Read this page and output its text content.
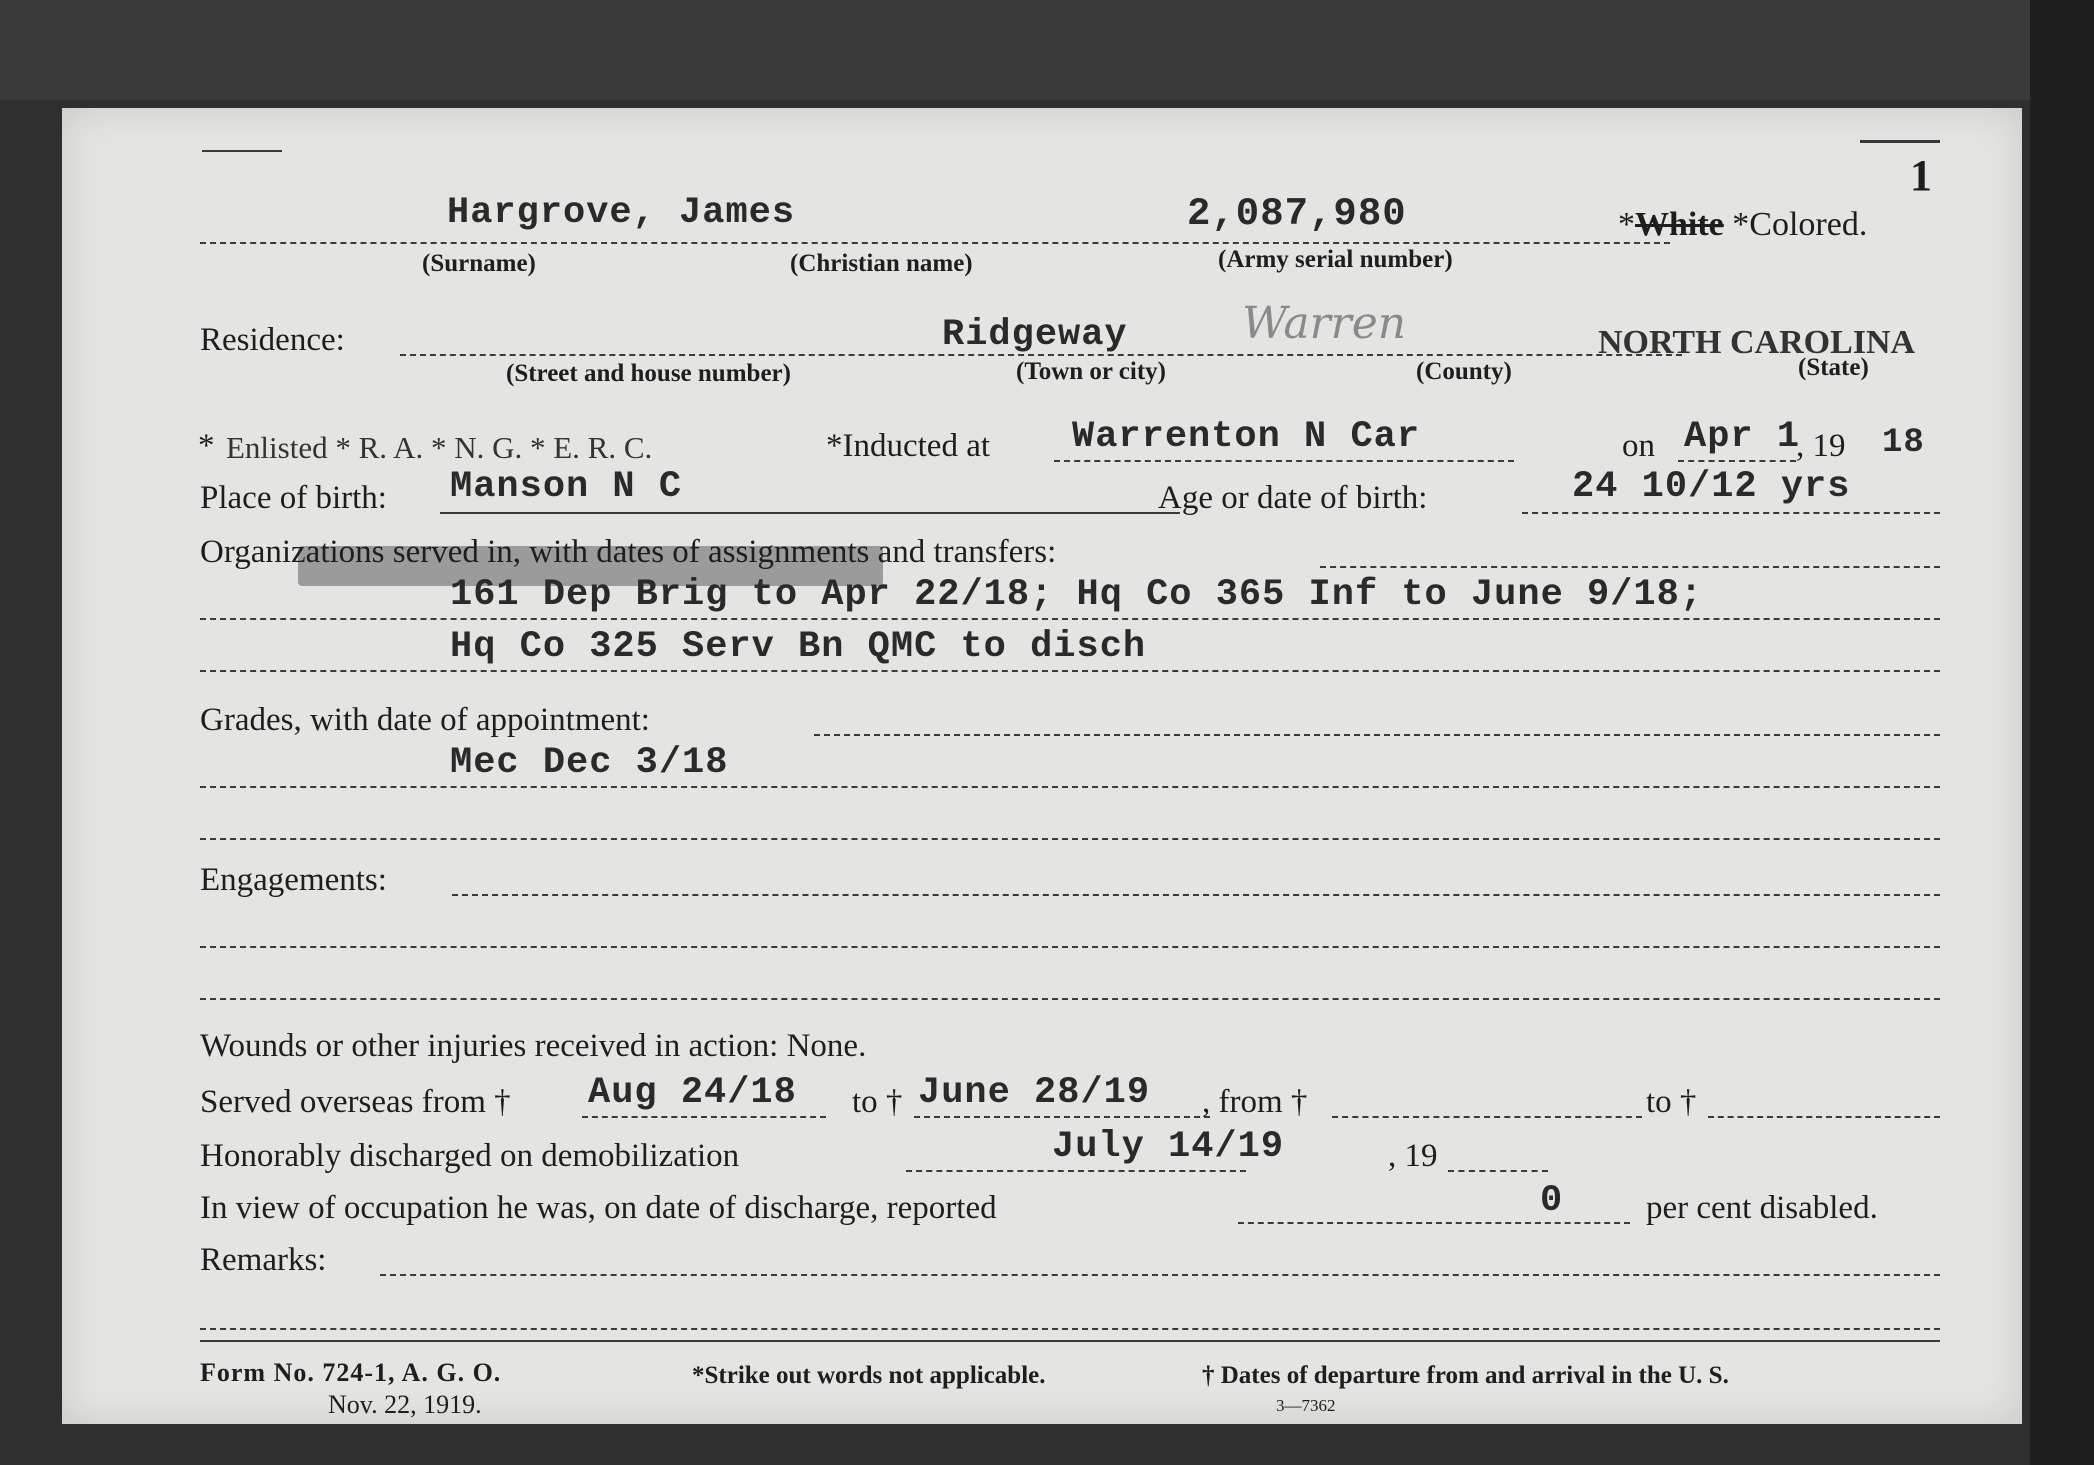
1
Hargrove, James	2,087,980	*White *Colored.
(Surname)	(Christian name)	(Army serial number)
Residence:	Ridgeway	Warren	NORTH CAROLINA
(Street and house number)	(Town or city)	(County)	(State)
* Enlisted * R. A. * N. G. * E. R. C.	*Inducted at Warrenton N Car	on Apr 1
, 19 18
Place of birth: Manson N C	Age or date of birth:	24 10/12 yrs
Organizations served in, with dates of assignments and transfers:
161 Dep Brig to Apr 22/18; Hq Co 365 Inf to June 9/18;
Hq Co 325 Serv Bn QMC to disch
Grades, with date of appointment:
Mec Dec 3/18
Engagements:
Wounds or other injuries received in action: None.
Served overseas from † Aug 24/18 to † June 28/19 , from †	to †
Honorably discharged on demobilization	July 14/19	, 19
In view of occupation he was, on date of discharge, reported	0	per cent disabled.
Remarks:
Form No. 724-1, A. G. O.
Nov. 22, 1919.
*Strike out words not applicable.	† Dates of departure from and arrival in the U. S.
3—7362
